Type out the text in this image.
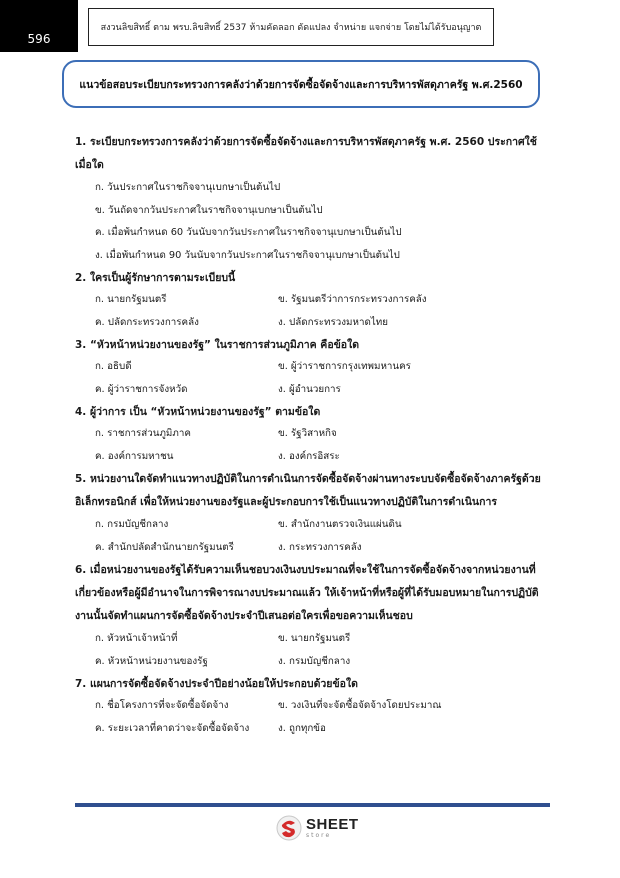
596
สงวนลิขสิทธิ์ ตาม พรบ.ลิขสิทธิ์ 2537 ห้ามคัดลอก ดัดแปลง จำหน่าย แจกจ่าย โดยไม่ได้รับอนุญาต
แนวข้อสอบระเบียบกระทรวงการคลังว่าด้วยการจัดซื้อจัดจ้างและการบริหารพัสดุภาครัฐ พ.ศ.2560
1. ระเบียบกระทรวงการคลังว่าด้วยการจัดซื้อจัดจ้างและการบริหารพัสดุภาครัฐ พ.ศ. 2560 ประกาศใช้เมื่อใด
ก. วันประกาศในราชกิจจานุเบกษาเป็นต้นไป
ข. วันถัดจากวันประกาศในราชกิจจานุเบกษาเป็นต้นไป
ค. เมื่อพ้นกำหนด 60 วันนับจากวันประกาศในราชกิจจานุเบกษาเป็นต้นไป
ง. เมื่อพ้นกำหนด 90 วันนับจากวันประกาศในราชกิจจานุเบกษาเป็นต้นไป
2. ใครเป็นผู้รักษาการตามระเบียบนี้
ก. นายกรัฐมนตรี	ข. รัฐมนตรีว่าการกระทรวงการคลัง
ค. ปลัดกระทรวงการคลัง	ง. ปลัดกระทรวงมหาดไทย
3. “หัวหน้าหน่วยงานของรัฐ” ในราชการส่วนภูมิภาค คือข้อใด
ก. อธิบดี	ข. ผู้ว่าราชการกรุงเทพมหานคร
ค. ผู้ว่าราชการจังหวัด	ง. ผู้อำนวยการ
4. ผู้ว่าการ เป็น “หัวหน้าหน่วยงานของรัฐ” ตามข้อใด
ก. ราชการส่วนภูมิภาค	ข. รัฐวิสาหกิจ
ค. องค์การมหาชน	ง. องค์กรอิสระ
5. หน่วยงานใดจัดทำแนวทางปฏิบัติในการดำเนินการจัดซื้อจัดจ้างผ่านทางระบบจัดซื้อจัดจ้างภาครัฐด้วยอิเล็กทรอนิกส์ เพื่อให้หน่วยงานของรัฐและผู้ประกอบการใช้เป็นแนวทางปฏิบัติในการดำเนินการ
ก. กรมบัญชีกลาง	ข. สำนักงานตรวจเงินแผ่นดิน
ค. สำนักปลัดสำนักนายกรัฐมนตรี	ง. กระทรวงการคลัง
6. เมื่อหน่วยงานของรัฐได้รับความเห็นชอบวงเงินงบประมาณที่จะใช้ในการจัดซื้อจัดจ้างจากหน่วยงานที่เกี่ยวข้องหรือผู้มีอำนาจในการพิจารณางบประมาณแล้ว ให้เจ้าหน้าที่หรือผู้ที่ได้รับมอบหมายในการปฏิบัติงานนั้นจัดทำแผนการจัดซื้อจัดจ้างประจำปีเสนอต่อใครเพื่อขอความเห็นชอบ
ก. หัวหน้าเจ้าหน้าที่	ข. นายกรัฐมนตรี
ค. หัวหน้าหน่วยงานของรัฐ	ง. กรมบัญชีกลาง
7. แผนการจัดซื้อจัดจ้างประจำปีอย่างน้อยให้ประกอบด้วยข้อใด
ก. ชื่อโครงการที่จะจัดซื้อจัดจ้าง	ข. วงเงินที่จะจัดซื้อจัดจ้างโดยประมาณ
ค. ระยะเวลาที่คาดว่าจะจัดซื้อจัดจ้าง	ง. ถูกทุกข้อ
SHEET
store
